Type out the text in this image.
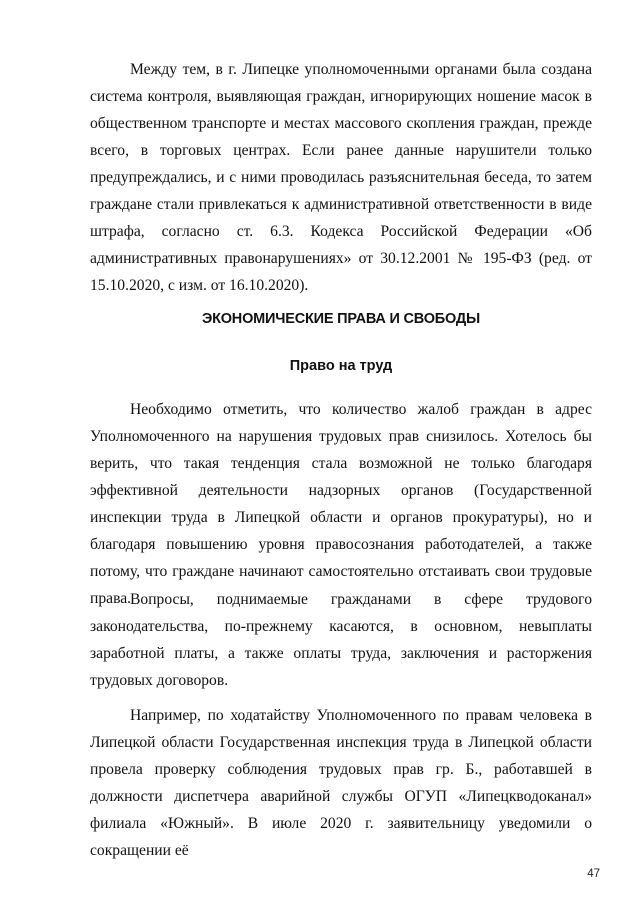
Между тем, в г. Липецке уполномоченными органами была создана система контроля, выявляющая граждан, игнорирующих ношение масок в общественном транспорте и местах массового скопления граждан, прежде всего, в торговых центрах. Если ранее данные нарушители только предупреждались, и с ними проводилась разъяснительная беседа, то затем граждане стали привлекаться к административной ответственности в виде штрафа, согласно ст. 6.3. Кодекса Российской Федерации «Об административных правонарушениях» от 30.12.2001 № 195-ФЗ (ред. от 15.10.2020, с изм. от 16.10.2020).

ЭКОНОМИЧЕСКИЕ ПРАВА И СВОБОДЫ
Право на труд

Необходимо отметить, что количество жалоб граждан в адрес Уполномоченного на нарушения трудовых прав снизилось. Хотелось бы верить, что такая тенденция стала возможной не только благодаря эффективной деятельности надзорных органов (Государственной инспекции труда в Липецкой области и органов прокуратуры), но и благодаря повышению уровня правосознания работодателей, а также потому, что граждане начинают самостоятельно отстаивать свои трудовые права.

Вопросы, поднимаемые гражданами в сфере трудового законодательства, по-прежнему касаются, в основном, невыплаты заработной платы, а также оплаты труда, заключения и расторжения трудовых договоров.

Например, по ходатайству Уполномоченного по правам человека в Липецкой области Государственная инспекция труда в Липецкой области провела проверку соблюдения трудовых прав гр. Б., работавшей в должности диспетчера аварийной службы ОГУП «Липецкводоканал» филиала «Южный». В июле 2020 г. заявительницу уведомили о сокращении её

47
